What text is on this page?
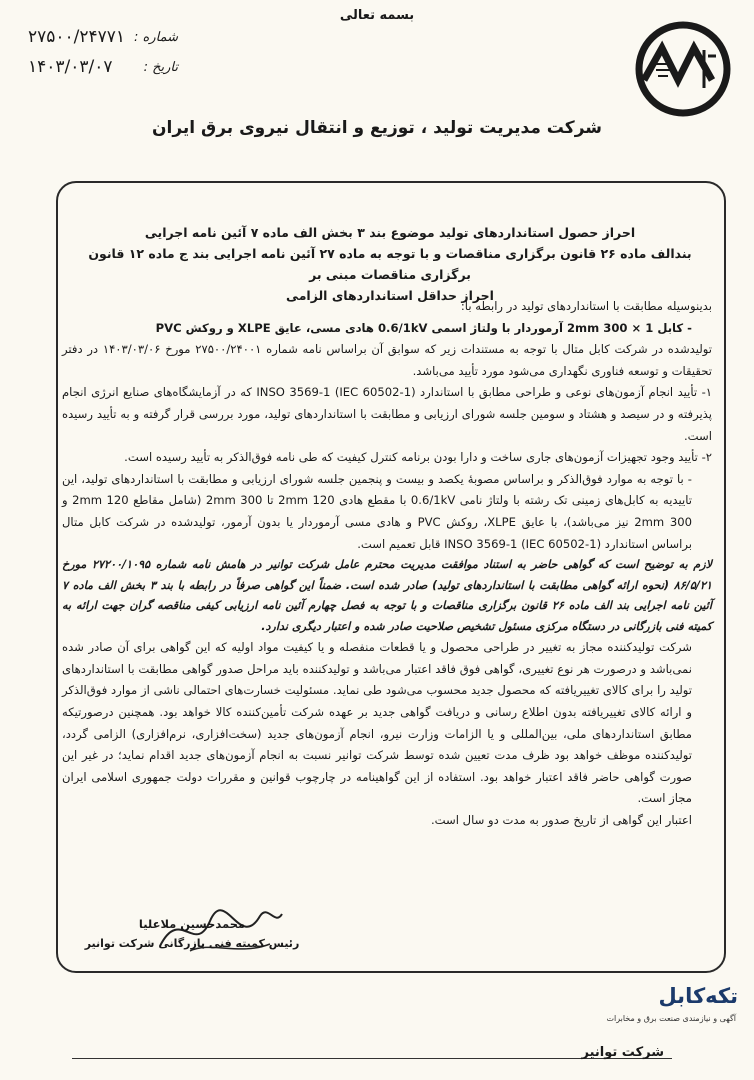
بسمه تعالی
شماره :
۲۷۵۰۰/۲۴۷۷۱
تاریخ :
۱۴۰۳/۰۳/۰۷
شرکت مدیریت تولید ، توزیع و انتقال نیروی برق ایران
احراز حصول استانداردهای تولید موضوع بند ۳ بخش الف ماده ۷ آئین نامه اجرایی
بندالف ماده ۲۶ قانون برگزاری مناقصات و با توجه به ماده ۲۷ آئین نامه اجرایی بند ج ماده ۱۲ قانون برگزاری مناقصات مبنی بر
احراز حداقل استانداردهای الزامی

بدینوسیله مطابقت با استانداردهای تولید در رابطه با:

- کابل 2mm 300 × 1 آرموردار با ولتاژ اسمی 0.6/1kV هادی مسی، عایق XLPE و روکش PVC

تولیدشده در شرکت کابل متال با توجه به مستندات زیر که سوابق آن براساس نامه شماره ۲۷۵۰۰/۲۴۰۰۱ مورخ ۱۴۰۳/۰۳/۰۶ در دفتر تحقیقات و توسعه فناوری نگهداری می‌شود مورد تأیید می‌باشد.

۱- تأیید انجام آزمون‌های نوعی و طراحی مطابق با استاندارد INSO 3569-1 (IEC 60502-1) که در آزمایشگاه‌های صنایع انرژی انجام پذیرفته و در سیصد و هشتاد و سومین جلسه شورای ارزیابی و مطابقت با استانداردهای تولید، مورد بررسی قرار گرفته و به تأیید رسیده است.

۲- تأیید وجود تجهیزات آزمون‌های جاری ساخت و دارا بودن برنامه کنترل کیفیت که طی نامه فوق‌الذکر به تأیید رسیده است.

- با توجه به موارد فوق‌الذکر و براساس مصوبهٔ یکصد و بیست و پنجمین جلسه شورای ارزیابی و مطابقت با استانداردهای تولید، این تاییدیه به کابل‌های زمینی تک رشته با ولتاژ نامی 0.6/1kV با مقطع هادی 2mm 120 تا 2mm 300 (شامل مقاطع 2mm 120 و 2mm 300 نیز می‌باشد)، با عایق XLPE، روکش PVC و هادی مسی آرموردار یا بدون آرمور، تولیدشده در شرکت کابل متال براساس استاندارد INSO 3569-1 (IEC 60502-1) قابل تعمیم است.

لازم به توضیح است که گواهی حاضر به استناد موافقت مدیریت محترم عامل شرکت توانیر در هامش نامه شماره ۲۷۲۰۰/۱۰۹۵ مورخ ۸۶/۵/۲۱ (نحوه ارائه گواهی مطابقت با استانداردهای تولید) صادر شده است. ضمناً این گواهی صرفاً در رابطه با بند ۳ بخش الف ماده ۷ آئین نامه اجرایی بند الف ماده ۲۶ قانون برگزاری مناقصات و با توجه به فصل چهارم آئین نامه ارزیابی کیفی مناقصه گران جهت ارائه به کمیته فنی بازرگانی در دستگاه مرکزی مسئول تشخیص صلاحیت صادر شده و اعتبار دیگری ندارد.

شرکت تولیدکننده مجاز به تغییر در طراحی محصول و یا قطعات منفصله و یا کیفیت مواد اولیه که این گواهی برای آن صادر شده نمی‌باشد و درصورت هر نوع تغییری، گواهی فوق فاقد اعتبار می‌باشد و تولیدکننده باید مراحل صدور گواهی مطابقت با استانداردهای تولید را برای کالای تغییریافته که محصول جدید محسوب می‌شود طی نماید. مسئولیت خسارت‌های احتمالی ناشی از موارد فوق‌الذکر و ارائه کالای تغییریافته بدون اطلاع رسانی و دریافت گواهی جدید بر عهده شرکت تأمین‌کننده کالا خواهد بود. همچنین درصورتیکه مطابق استانداردهای ملی، بین‌المللی و یا الزامات وزارت نیرو، انجام آزمون‌های جدید (سخت‌افزاری، نرم‌افزاری) الزامی گردد، تولیدکننده موظف خواهد بود ظرف مدت تعیین شده توسط شرکت توانیر نسبت به انجام آزمون‌های جدید اقدام نماید؛ در غیر این صورت گواهی حاضر فاقد اعتبار خواهد بود. استفاده از این گواهینامه در چارچوب قوانین و مقررات دولت جمهوری اسلامی ایران مجاز است.

اعتبار این گواهی از تاریخ صدور به مدت دو سال است.

محمدحسین ملاعلیا
رئیس کمیته فنی بازرگانی شرکت توانیر
تکه‌کابل
آگهی و نیازمندی صنعت برق و مخابرات
شرکت توانیر
